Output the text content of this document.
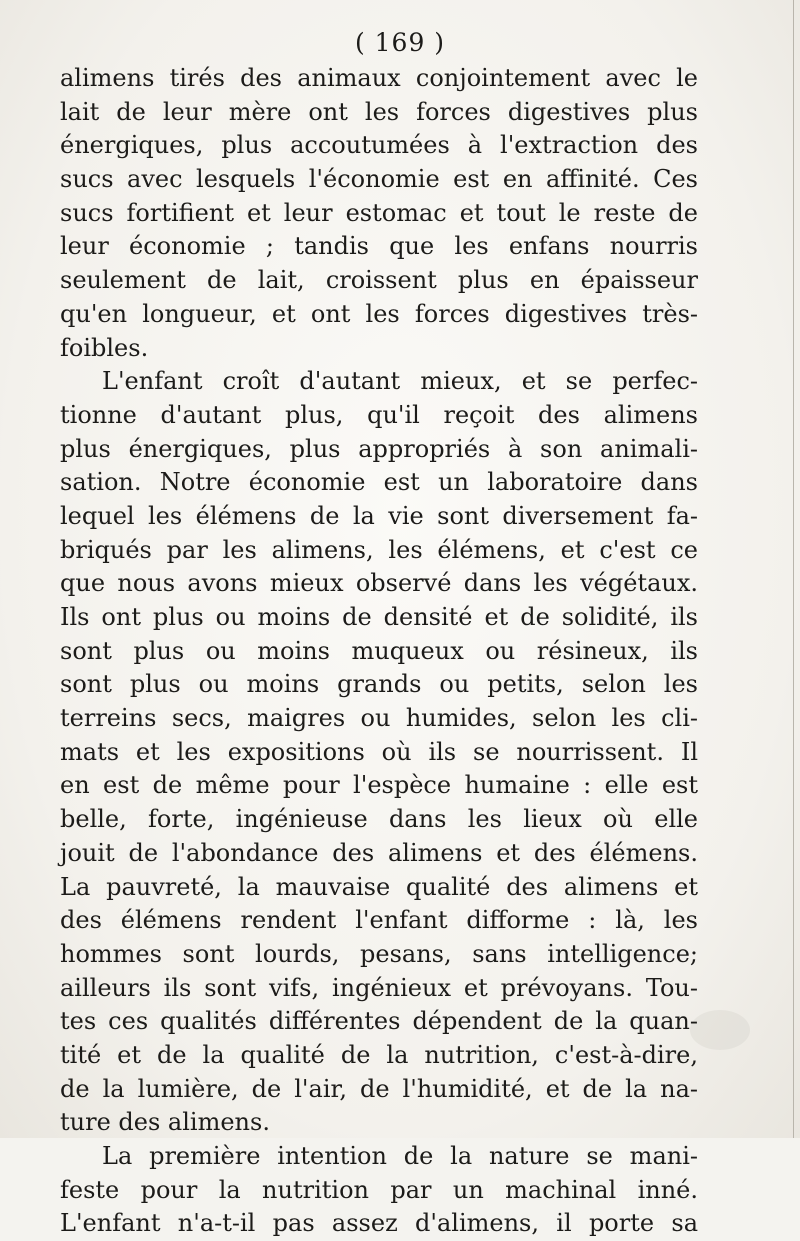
( 169 )
alimens tirés des animaux conjointement avec le
lait de leur mère ont les forces digestives plus
énergiques, plus accoutumées à l'extraction des
sucs avec lesquels l'économie est en affinité. Ces
sucs fortifient et leur estomac et tout le reste de
leur économie ; tandis que les enfans nourris
seulement de lait, croissent plus en épaisseur
qu'en longueur, et ont les forces digestives très-
foibles.
L'enfant croît d'autant mieux, et se perfec-
tionne d'autant plus, qu'il reçoit des alimens
plus énergiques, plus appropriés à son animali-
sation. Notre économie est un laboratoire dans
lequel les élémens de la vie sont diversement fa-
briqués par les alimens, les élémens, et c'est ce
que nous avons mieux observé dans les végétaux.
Ils ont plus ou moins de densité et de solidité, ils
sont plus ou moins muqueux ou résineux, ils
sont plus ou moins grands ou petits, selon les
terreins secs, maigres ou humides, selon les cli-
mats et les expositions où ils se nourrissent. Il
en est de même pour l'espèce humaine : elle est
belle, forte, ingénieuse dans les lieux où elle
jouit de l'abondance des alimens et des élémens.
La pauvreté, la mauvaise qualité des alimens et
des élémens rendent l'enfant difforme : là, les
hommes sont lourds, pesans, sans intelligence;
ailleurs ils sont vifs, ingénieux et prévoyans. Tou-
tes ces qualités différentes dépendent de la quan-
tité et de la qualité de la nutrition, c'est-à-dire,
de la lumière, de l'air, de l'humidité, et de la na-
ture des alimens.
La première intention de la nature se mani-
feste pour la nutrition par un machinal inné.
L'enfant n'a-t-il pas assez d'alimens, il porte sa
